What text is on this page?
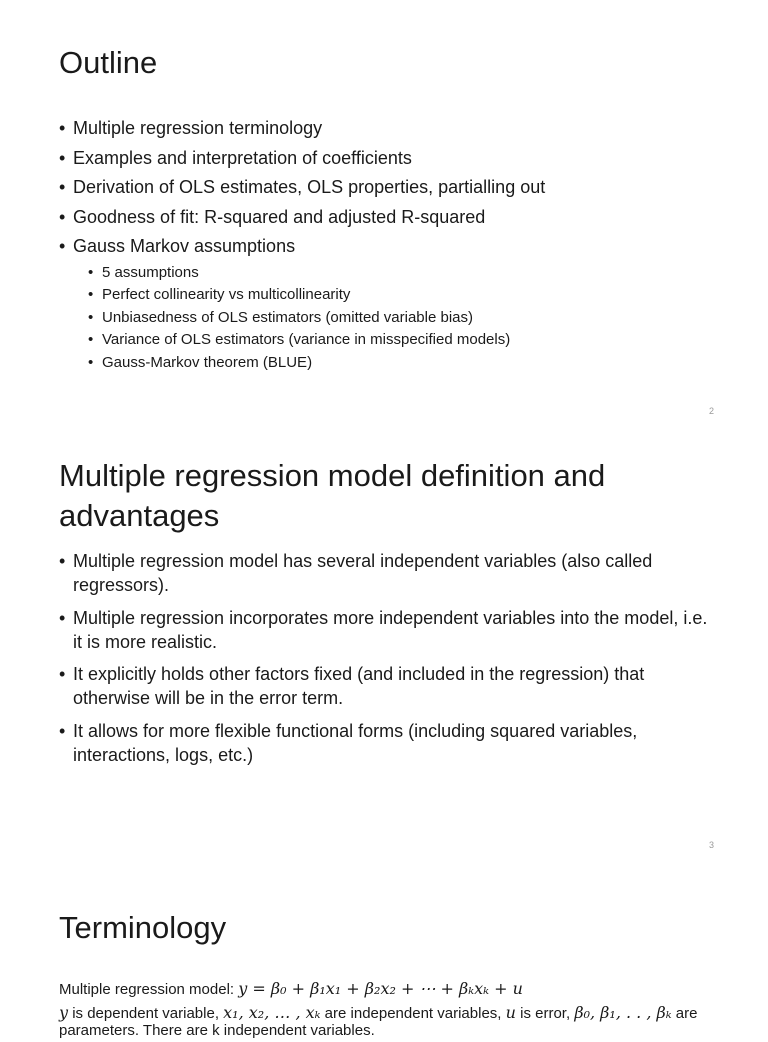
Outline
• Multiple regression terminology
• Examples and interpretation of coefficients
• Derivation of OLS estimates, OLS properties, partialling out
• Goodness of fit: R-squared and adjusted R-squared
• Gauss Markov assumptions
• 5 assumptions
• Perfect collinearity vs multicollinearity
• Unbiasedness of OLS estimators (omitted variable bias)
• Variance of OLS estimators (variance in misspecified models)
• Gauss-Markov theorem (BLUE)
2
Multiple regression model definition and
advantages
• Multiple regression model has several independent variables (also called regressors).
• Multiple regression incorporates more independent variables into the model, i.e. it is more realistic.
• It explicitly holds other factors fixed (and included in the regression) that otherwise will be in the error term.
• It allows for more flexible functional forms (including squared variables, interactions, logs, etc.)
3
Terminology
Multiple regression model: y = β₀ + β₁x₁ + β₂x₂ + ⋯ + βₖxₖ + u
y is dependent variable, x₁, x₂, … , xₖ are independent variables, u is error, β₀, β₁, . . , βₖ are
parameters. There are k independent variables.
